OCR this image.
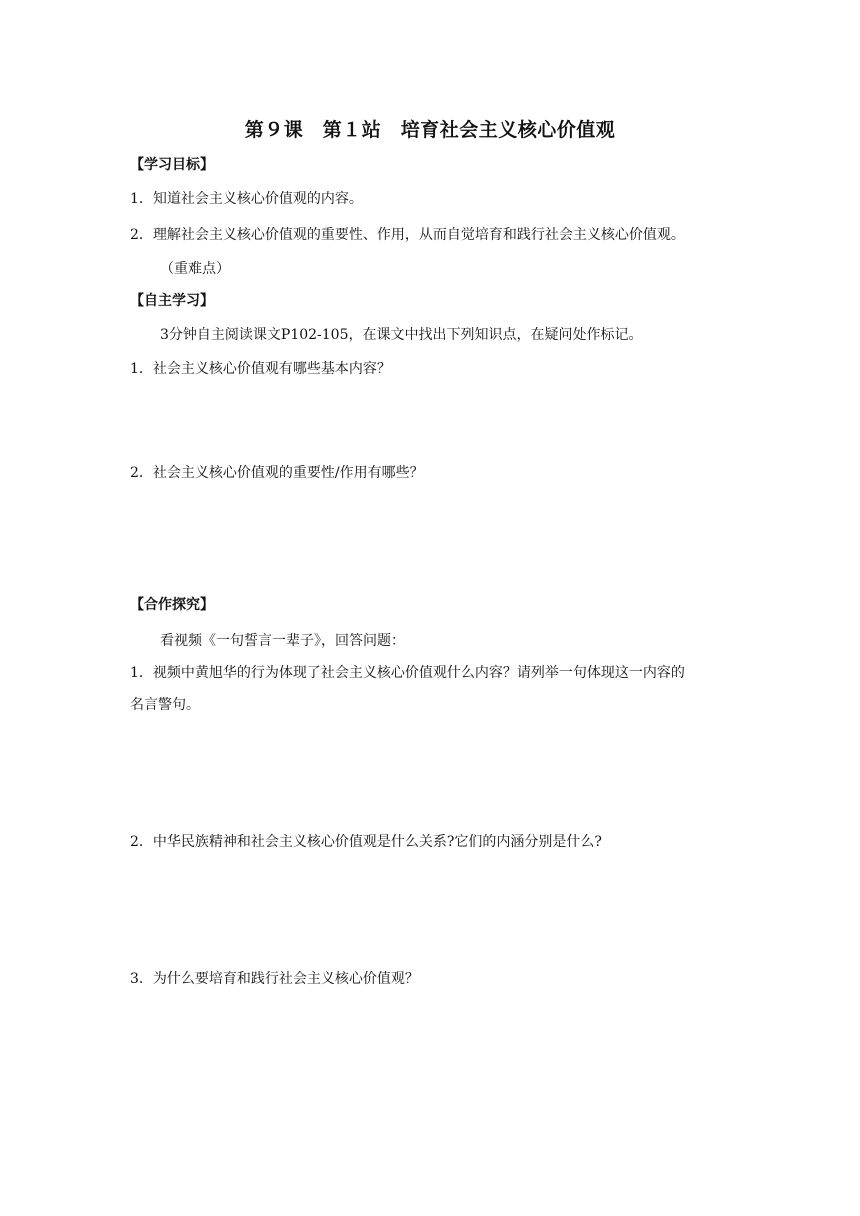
第９课　第１站　培育社会主义核心价值观
【学习目标】
1．知道社会主义核心价值观的内容。
2．理解社会主义核心价值观的重要性、作用，从而自觉培育和践行社会主义核心价值观。
（重难点）
【自主学习】
3分钟自主阅读课文P102-105，在课文中找出下列知识点，在疑问处作标记。
1．社会主义核心价值观有哪些基本内容？
2．社会主义核心价值观的重要性/作用有哪些？
【合作探究】
看视频《一句誓言一辈子》，回答问题：
1．视频中黄旭华的行为体现了社会主义核心价值观什么内容？请列举一句体现这一内容的
名言警句。
2．中华民族精神和社会主义核心价值观是什么关系?它们的内涵分别是什么?
3．为什么要培育和践行社会主义核心价值观？
